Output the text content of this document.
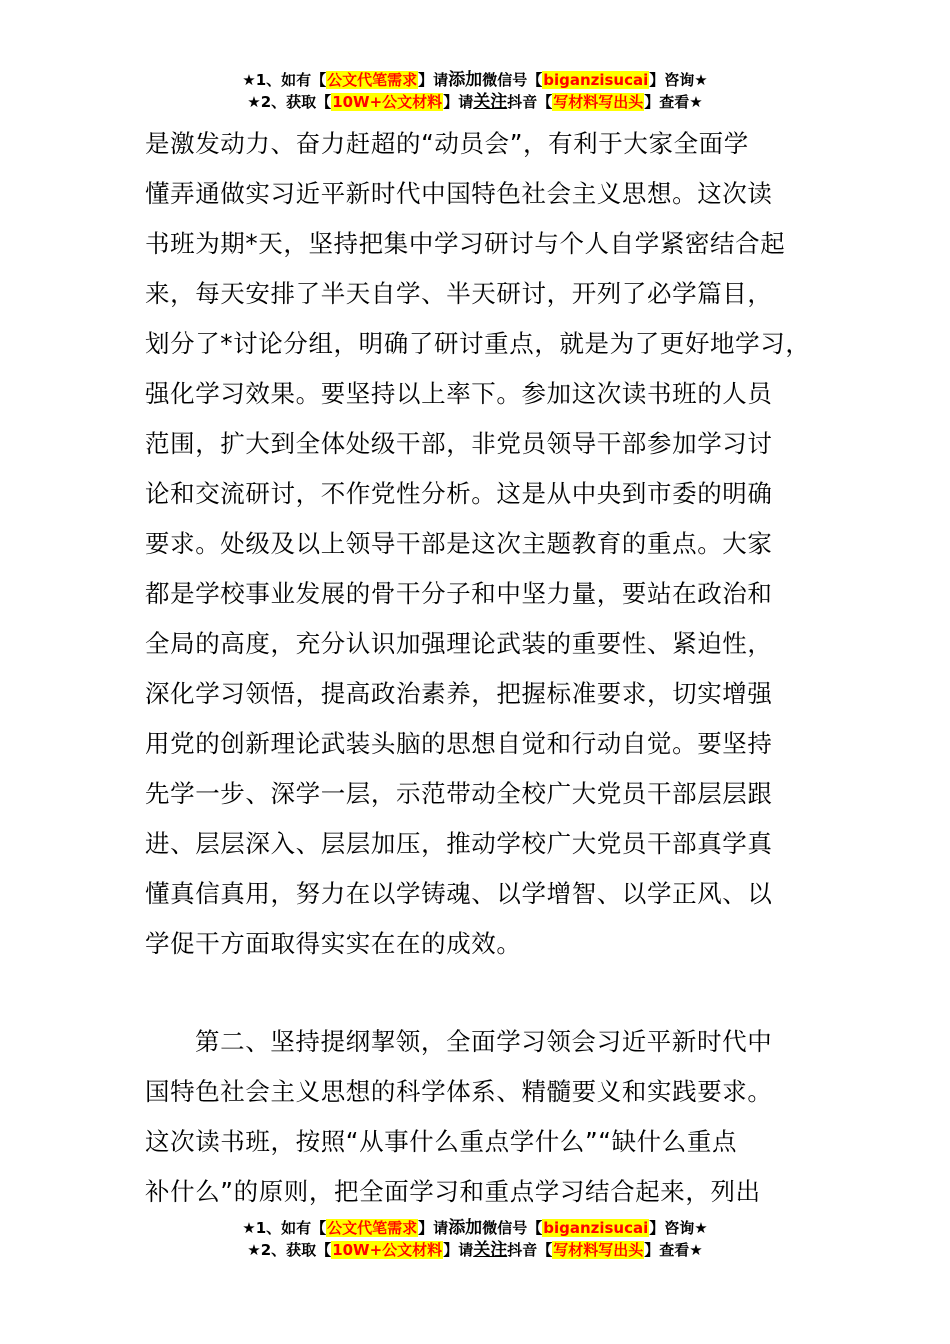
★1、如有【公文代笔需求】请添加微信号【biganzisucai】咨询★
★2、获取【10W+公文材料】请关注抖音【写材料写出头】查看★
是激发动力、奋力赶超的“动员会”，有利于大家全面学
懂弄通做实习近平新时代中国特色社会主义思想。这次读
书班为期*天，坚持把集中学习研讨与个人自学紧密结合起
来，每天安排了半天自学、半天研讨，开列了必学篇目，
划分了*讨论分组，明确了研讨重点，就是为了更好地学习，
强化学习效果。要坚持以上率下。参加这次读书班的人员
范围，扩大到全体处级干部，非党员领导干部参加学习讨
论和交流研讨，不作党性分析。这是从中央到市委的明确
要求。处级及以上领导干部是这次主题教育的重点。大家
都是学校事业发展的骨干分子和中坚力量，要站在政治和
全局的高度，充分认识加强理论武装的重要性、紧迫性，
深化学习领悟，提高政治素养，把握标准要求，切实增强
用党的创新理论武装头脑的思想自觉和行动自觉。要坚持
先学一步、深学一层，示范带动全校广大党员干部层层跟
进、层层深入、层层加压，推动学校广大党员干部真学真
懂真信真用，努力在以学铸魂、以学增智、以学正风、以
学促干方面取得实实在在的成效。
第二、坚持提纲挈领，全面学习领会习近平新时代中
国特色社会主义思想的科学体系、精髓要义和实践要求。
这次读书班，按照“从事什么重点学什么”“缺什么重点
补什么”的原则，把全面学习和重点学习结合起来，列出
★1、如有【公文代笔需求】请添加微信号【biganzisucai】咨询★
★2、获取【10W+公文材料】请关注抖音【写材料写出头】查看★
